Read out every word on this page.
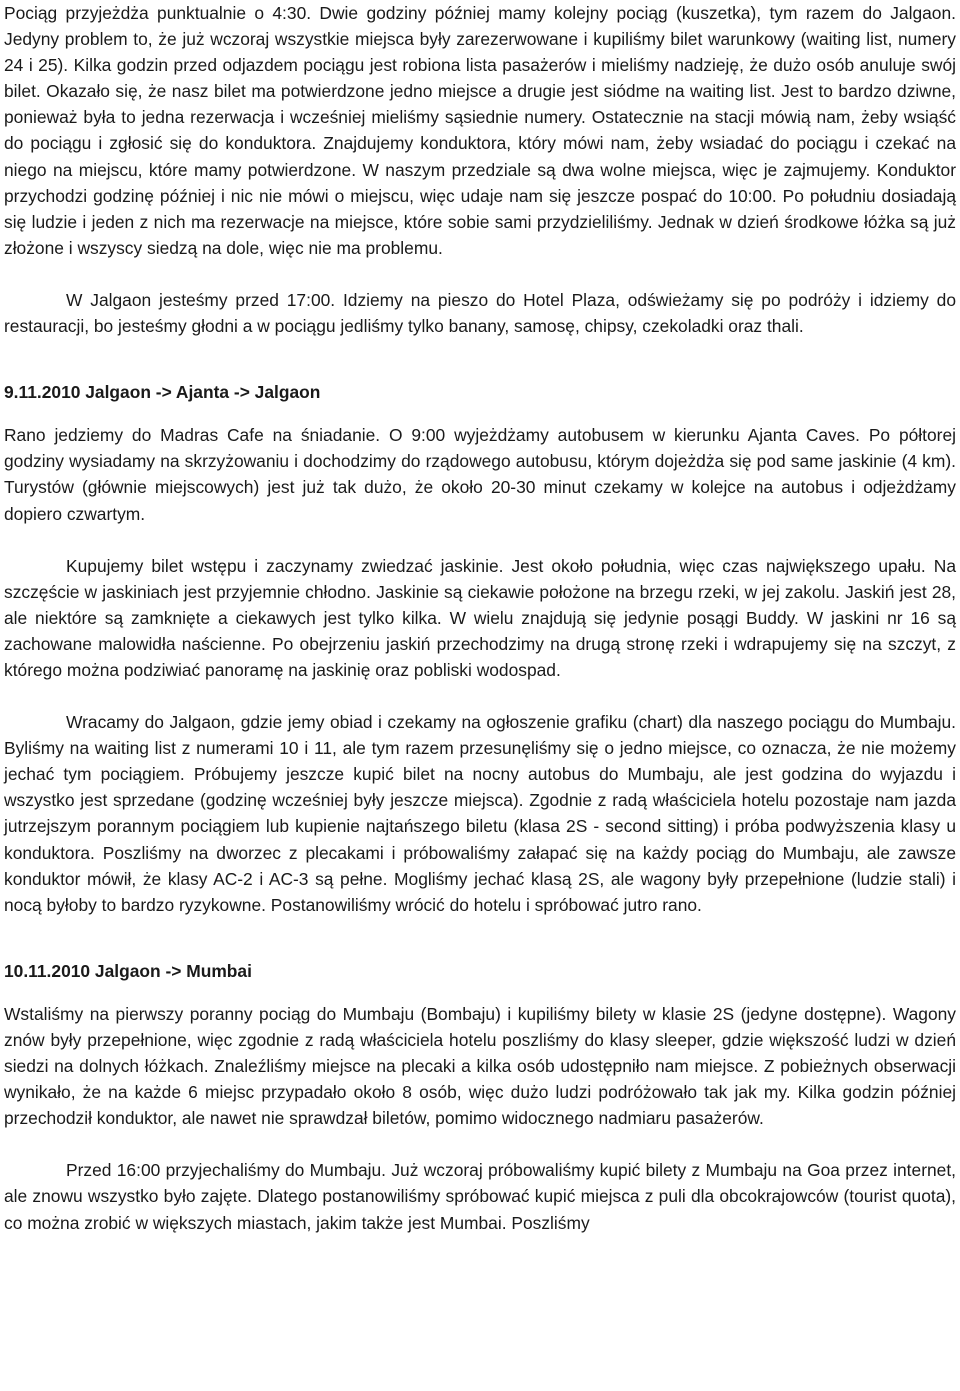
Pociąg przyjeżdża punktualnie o 4:30. Dwie godziny później mamy kolejny pociąg (kuszetka), tym razem do Jalgaon. Jedyny problem to, że już wczoraj wszystkie miejsca były zarezerwowane i kupiliśmy bilet warunkowy (waiting list, numery 24 i 25). Kilka godzin przed odjazdem pociągu jest robiona lista pasażerów i mieliśmy nadzieję, że dużo osób anuluje swój bilet. Okazało się, że nasz bilet ma potwierdzone jedno miejsce a drugie jest siódme na waiting list. Jest to bardzo dziwne, ponieważ była to jedna rezerwacja i wcześniej mieliśmy sąsiednie numery. Ostatecznie na stacji mówią nam, żeby wsiąść do pociągu i zgłosić się do konduktora. Znajdujemy konduktora, który mówi nam, żeby wsiadać do pociągu i czekać na niego na miejscu, które mamy potwierdzone. W naszym przedziale są dwa wolne miejsca, więc je zajmujemy. Konduktor przychodzi godzinę później i nic nie mówi o miejscu, więc udaje nam się jeszcze pospać do 10:00. Po południu dosiadają się ludzie i jeden z nich ma rezerwacje na miejsce, które sobie sami przydzieliliśmy. Jednak w dzień środkowe łóżka są już złożone i wszyscy siedzą na dole, więc nie ma problemu.

W Jalgaon jesteśmy przed 17:00. Idziemy na pieszo do Hotel Plaza, odświeżamy się po podróży i idziemy do restauracji, bo jesteśmy głodni a w pociągu jedliśmy tylko banany, samosę, chipsy, czekoladki oraz thali.

9.11.2010 Jalgaon -> Ajanta -> Jalgaon

Rano jedziemy do Madras Cafe na śniadanie. O 9:00 wyjeżdżamy autobusem w kierunku Ajanta Caves. Po półtorej godziny wysiadamy na skrzyżowaniu i dochodzimy do rządowego autobusu, którym dojeżdża się pod same jaskinie (4 km). Turystów (głównie miejscowych) jest już tak dużo, że około 20-30 minut czekamy w kolejce na autobus i odjeżdżamy dopiero czwartym.

Kupujemy bilet wstępu i zaczynamy zwiedzać jaskinie. Jest około południa, więc czas największego upału. Na szczęście w jaskiniach jest przyjemnie chłodno. Jaskinie są ciekawie położone na brzegu rzeki, w jej zakolu. Jaskiń jest 28, ale niektóre są zamknięte a ciekawych jest tylko kilka. W wielu znajdują się jedynie posągi Buddy. W jaskini nr 16 są zachowane malowidła naścienne. Po obejrzeniu jaskiń przechodzimy na drugą stronę rzeki i wdrapujemy się na szczyt, z którego można podziwiać panoramę na jaskinię oraz pobliski wodospad.

Wracamy do Jalgaon, gdzie jemy obiad i czekamy na ogłoszenie grafiku (chart) dla naszego pociągu do Mumbaju. Byliśmy na waiting list z numerami 10 i 11, ale tym razem przesunęliśmy się o jedno miejsce, co oznacza, że nie możemy jechać tym pociągiem. Próbujemy jeszcze kupić bilet na nocny autobus do Mumbaju, ale jest godzina do wyjazdu i wszystko jest sprzedane (godzinę wcześniej były jeszcze miejsca). Zgodnie z radą właściciela hotelu pozostaje nam jazda jutrzejszym porannym pociągiem lub kupienie najtańszego biletu (klasa 2S - second sitting) i próba podwyższenia klasy u konduktora. Poszliśmy na dworzec z plecakami i próbowaliśmy załapać się na każdy pociąg do Mumbaju, ale zawsze konduktor mówił, że klasy AC-2 i AC-3 są pełne. Mogliśmy jechać klasą 2S, ale wagony były przepełnione (ludzie stali) i nocą byłoby to bardzo ryzykowne. Postanowiliśmy wrócić do hotelu i spróbować jutro rano.

10.11.2010 Jalgaon -> Mumbai

Wstaliśmy na pierwszy poranny pociąg do Mumbaju (Bombaju) i kupiliśmy bilety w klasie 2S (jedyne dostępne). Wagony znów były przepełnione, więc zgodnie z radą właściciela hotelu poszliśmy do klasy sleeper, gdzie większość ludzi w dzień siedzi na dolnych łóżkach. Znaleźliśmy miejsce na plecaki a kilka osób udostępniło nam miejsce. Z pobieżnych obserwacji wynikało, że na każde 6 miejsc przypadało około 8 osób, więc dużo ludzi podróżowało tak jak my. Kilka godzin później przechodził konduktor, ale nawet nie sprawdzał biletów, pomimo widocznego nadmiaru pasażerów.

Przed 16:00 przyjechaliśmy do Mumbaju. Już wczoraj próbowaliśmy kupić bilety z Mumbaju na Goa przez internet, ale znowu wszystko było zajęte. Dlatego postanowiliśmy spróbować kupić miejsca z puli dla obcokrajowców (tourist quota), co można zrobić w większych miastach, jakim także jest Mumbai. Poszliśmy
